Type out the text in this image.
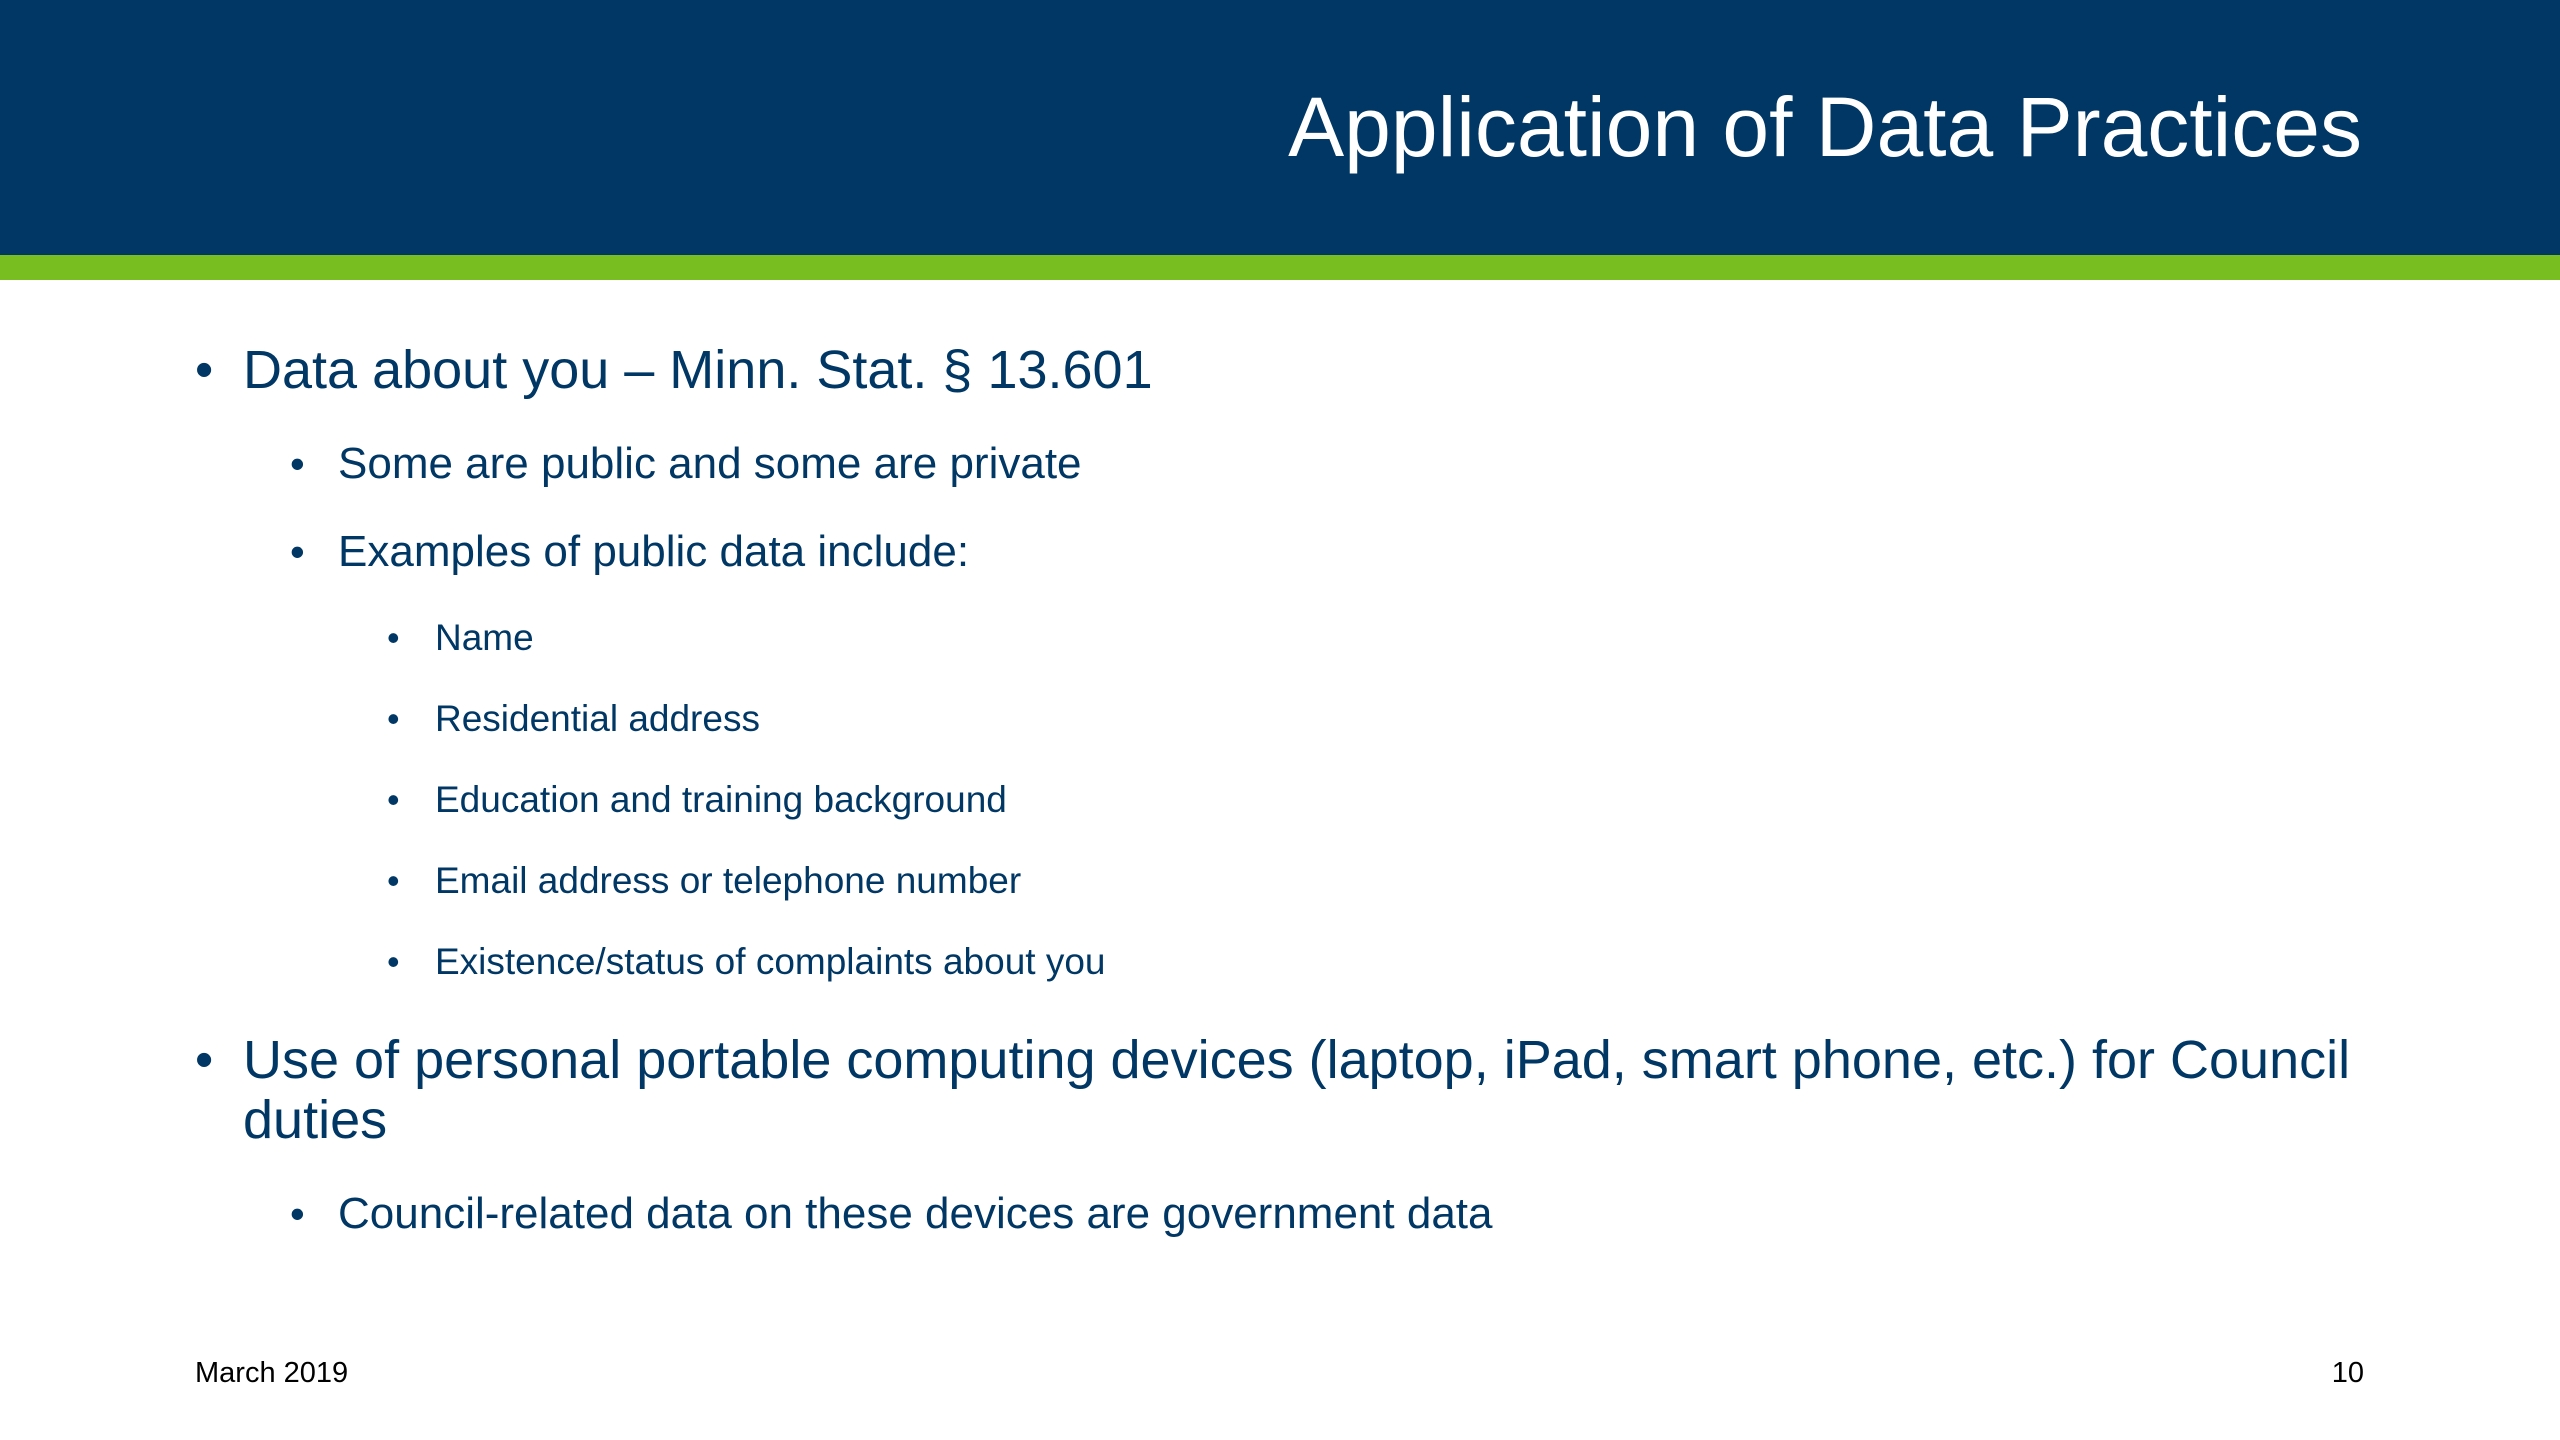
Application of Data Practices
• Data about you – Minn. Stat. § 13.601
• Some are public and some are private
• Examples of public data include:
• Name
• Residential address
• Education and training background
• Email address or telephone number
• Existence/status of complaints about you
• Use of personal portable computing devices (laptop, iPad, smart phone, etc.) for Council duties
• Council-related data on these devices are government data
March 2019	10
